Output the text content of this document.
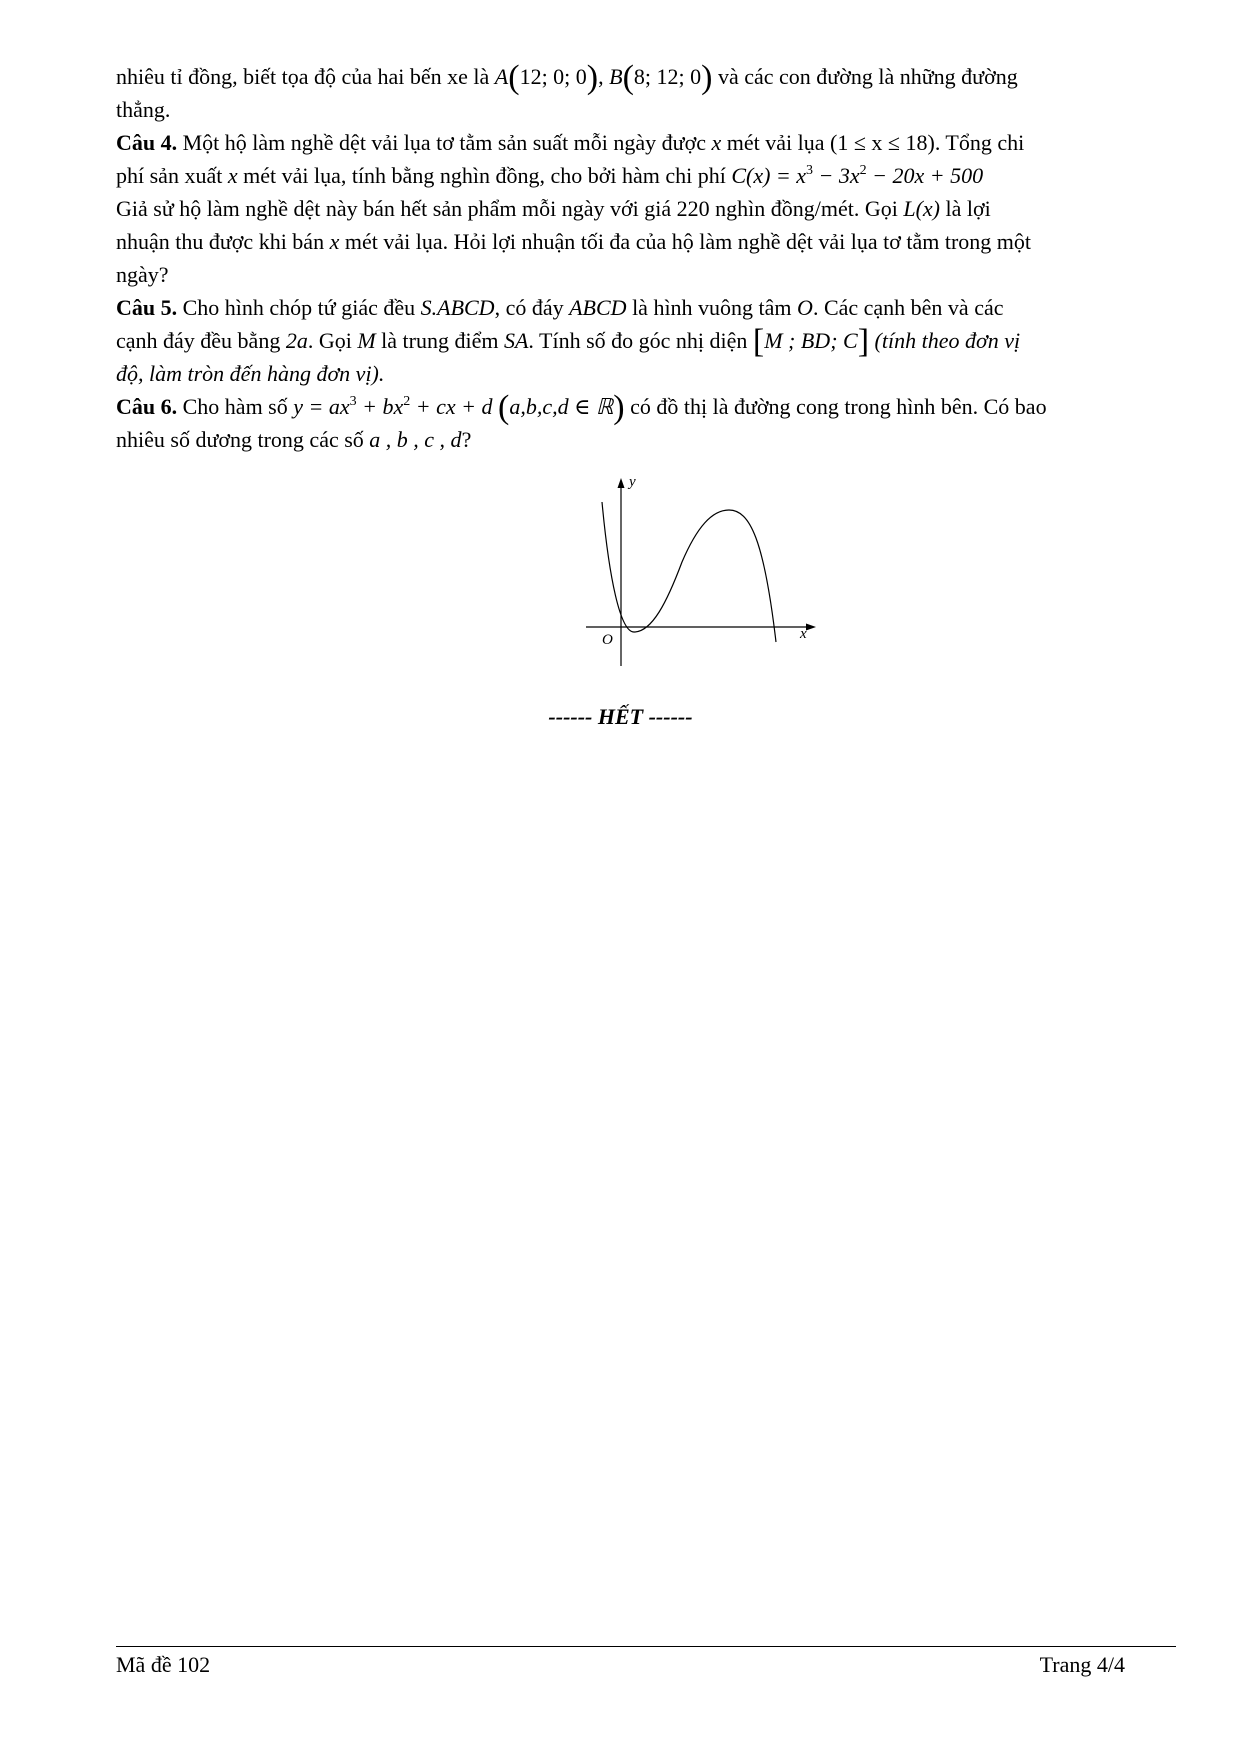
nhiêu tỉ đồng, biết tọa độ của hai bến xe là A(12; 0; 0), B(8; 12; 0) và các con đường là những đường
thẳng.

Câu 4. Một hộ làm nghề dệt vải lụa tơ tằm sản suất mỗi ngày được x mét vải lụa (1 ≤ x ≤ 18). Tổng chi
phí sản xuất x mét vải lụa, tính bằng nghìn đồng, cho bởi hàm chi phí $C(x) = x^3 - 3x^2 - 20x + 500$
Giả sử hộ làm nghề dệt này bán hết sản phẩm mỗi ngày với giá 220 nghìn đồng/mét. Gọi L(x) là lợi
nhuận thu được khi bán x mét vải lụa. Hỏi lợi nhuận tối đa của hộ làm nghề dệt vải lụa tơ tằm trong một
ngày?

Câu 5. Cho hình chóp tứ giác đều S.ABCD, có đáy ABCD là hình vuông tâm O. Các cạnh bên và các
cạnh đáy đều bằng 2a. Gọi M là trung điểm SA. Tính số đo góc nhị diện [M ; BD; C] (tính theo đơn vị
độ, làm tròn đến hàng đơn vị).

Câu 6. Cho hàm số $y = ax^3 + bx^2$ + cx + d (a,b,c,d ∈ ℝ) có đồ thị là đường cong trong hình bên. Có bao
nhiêu số dương trong các số a , b , c , d?

y
x
O
------ HẾT ------
Mã đề 102	Trang 4/4
